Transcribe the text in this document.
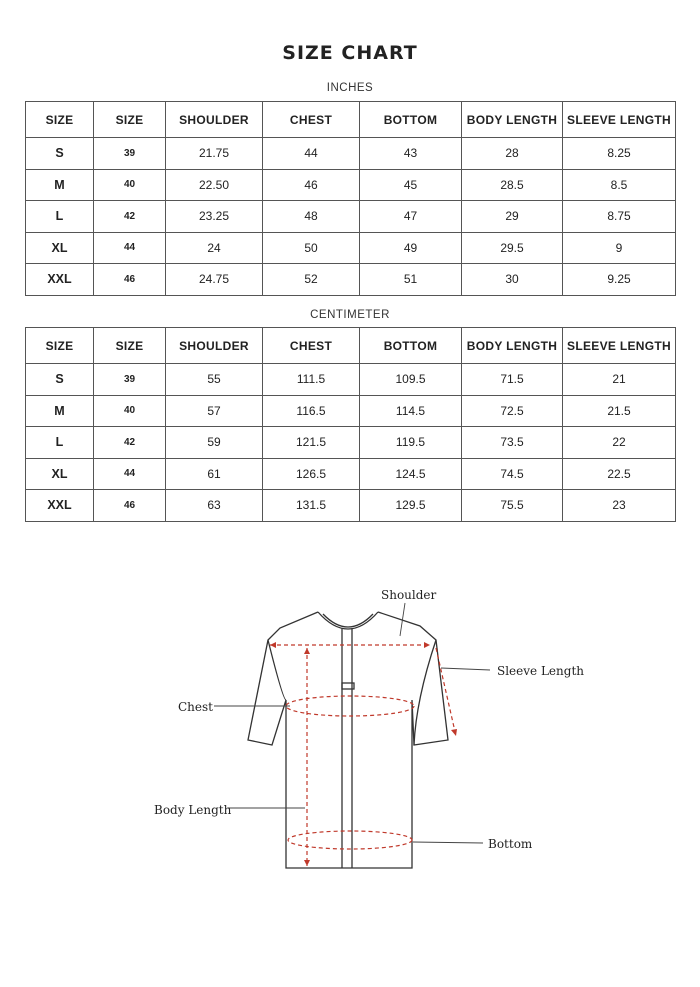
SIZE CHART
INCHES
SIZE	SIZE	SHOULDER	CHEST	BOTTOM	BODY LENGTH	SLEEVE LENGTH
S	39	21.75	44	43	28	8.25
M	40	22.50	46	45	28.5	8.5
L	42	23.25	48	47	29	8.75
XL	44	24	50	49	29.5	9
XXL	46	24.75	52	51	30	9.25
CENTIMETER
SIZE	SIZE	SHOULDER	CHEST	BOTTOM	BODY LENGTH	SLEEVE LENGTH
S	39	55	111.5	109.5	71.5	21
M	40	57	116.5	114.5	72.5	21.5
L	42	59	121.5	119.5	73.5	22
XL	44	61	126.5	124.5	74.5	22.5
XXL	46	63	131.5	129.5	75.5	23
Shoulder
Sleeve Length
Chest
Body Length
Bottom
